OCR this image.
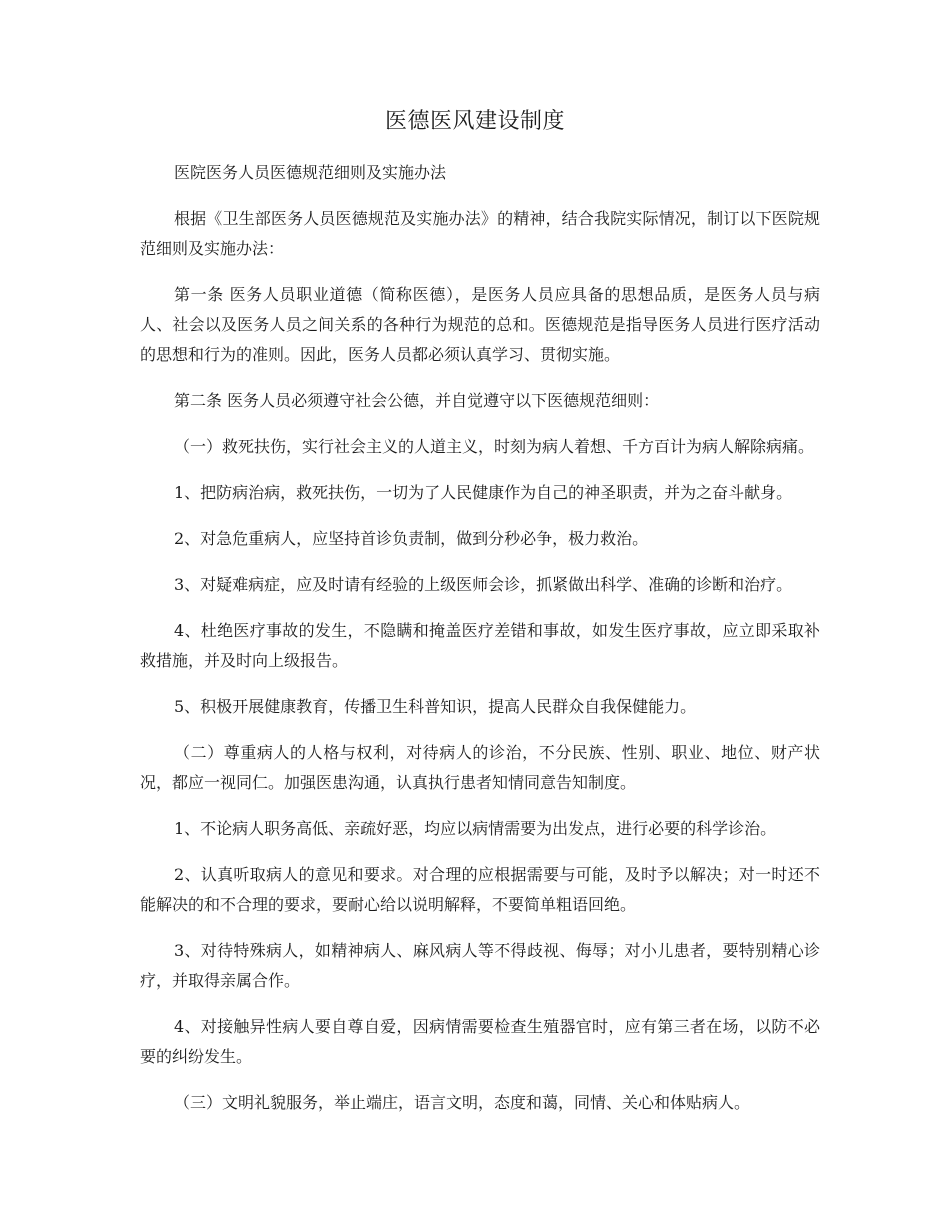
医德医风建设制度

医院医务人员医德规范细则及实施办法

根据《卫生部医务人员医德规范及实施办法》的精神，结合我院实际情况，制订以下医院规范细则及实施办法：

第一条 医务人员职业道德（简称医德），是医务人员应具备的思想品质，是医务人员与病人、社会以及医务人员之间关系的各种行为规范的总和。医德规范是指导医务人员进行医疗活动的思想和行为的准则。因此，医务人员都必须认真学习、贯彻实施。

第二条 医务人员必须遵守社会公德，并自觉遵守以下医德规范细则：

（一）救死扶伤，实行社会主义的人道主义，时刻为病人着想、千方百计为病人解除病痛。

1、把防病治病，救死扶伤，一切为了人民健康作为自己的神圣职责，并为之奋斗献身。

2、对急危重病人，应坚持首诊负责制，做到分秒必争，极力救治。

3、对疑难病症，应及时请有经验的上级医师会诊，抓紧做出科学、准确的诊断和治疗。

4、杜绝医疗事故的发生，不隐瞒和掩盖医疗差错和事故，如发生医疗事故，应立即采取补救措施，并及时向上级报告。

5、积极开展健康教育，传播卫生科普知识，提高人民群众自我保健能力。

（二）尊重病人的人格与权利，对待病人的诊治，不分民族、性别、职业、地位、财产状况，都应一视同仁。加强医患沟通，认真执行患者知情同意告知制度。

1、不论病人职务高低、亲疏好恶，均应以病情需要为出发点，进行必要的科学诊治。

2、认真听取病人的意见和要求。对合理的应根据需要与可能，及时予以解决；对一时还不能解决的和不合理的要求，要耐心给以说明解释，不要简单粗语回绝。

3、对待特殊病人，如精神病人、麻风病人等不得歧视、侮辱；对小儿患者，要特别精心诊疗，并取得亲属合作。

4、对接触异性病人要自尊自爱，因病情需要检查生殖器官时，应有第三者在场，以防不必要的纠纷发生。

（三）文明礼貌服务，举止端庄，语言文明，态度和蔼，同情、关心和体贴病人。
